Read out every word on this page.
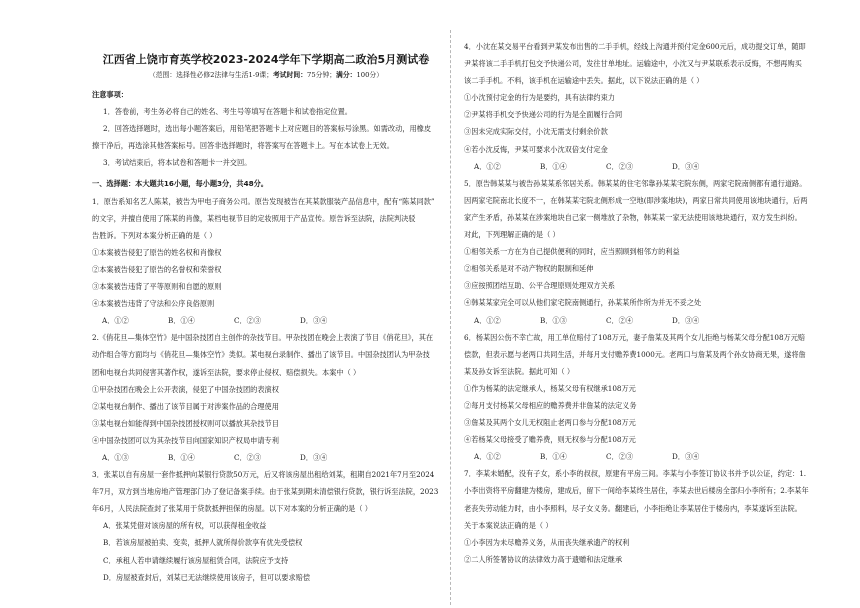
江西省上饶市育英学校2023-2024学年下学期高二政治5月测试卷
（范围：选择性必修2法律与生活1-9课；考试时间：75分钟；满分：100分）

注意事项：

1．答卷前，考生务必将自己的姓名、考生号等填写在答题卡和试卷指定位置。

2．回答选择题时，选出每小题答案后，用铅笔把答题卡上对应题目的答案标号涂黑。如需改动，用橡皮

擦干净后，再选涂其他答案标号。回答非选择题时，将答案写在答题卡上。写在本试卷上无效。

3．考试结束后，将本试卷和答题卡一并交回。

一、选择题：本大题共16小题，每小题3分，共48分。

1．原告系知名艺人陈某，被告为甲电子商务公司。原告发现被告在其某款服装产品信息中，配有“陈某同款”

的文字，并擅自使用了陈某的肖像，某档电视节目的定妆照用于产品宣传。原告诉至法院，法院判决驳

告胜诉。下列对本案分析正确的是（ ）

①本案被告侵犯了原告的姓名权和肖像权

②本案被告侵犯了原告的名誉权和荣誉权

③本案被告违背了平等原则和自愿的原则

④本案被告违背了守法和公序良俗原则

A．①②	B．①④	C．②③	D．③④

2.《俏花旦—集体空竹》是中国杂技团自主创作的杂技节目。甲杂技团在晚会上表演了节目《俏花旦》，其在

动作组合等方面均与《俏花旦—集体空竹》类似。某电视台录制作、播出了该节目。中国杂技团认为甲杂技

团和电视台共同侵害其著作权，遂诉至法院，要求停止侵权、赔偿损失。本案中（ ）

①甲杂技团在晚会上公开表演，侵犯了中国杂技团的表演权

②某电视台制作、播出了该节目属于对涉案作品的合理使用

③某电视台如能得到中国杂技团授权则可以播放其杂技节目

④中国杂技团可以为其杂技节目向国家知识产权局申请专利

A．①③	B．①④	C．②③	D．③④

3．张某以自有房屋一套作抵押向某银行贷款50万元，后又将该房屋出租给刘某，租期自2021年7月至2024

年7月，双方到当地房地产管理部门办了登记备案手续。由于张某到期未清偿银行贷款，银行诉至法院，2023

年6月，人民法院查封了张某用于贷款抵押担保的房屋。以下对本案的分析正确的是（ ）

A．张某凭借对该房屋的所有权，可以获得租金收益

B．若该房屋被拍卖、变卖，抵押人就所得价款享有优先受偿权

C．承租人若申请继续履行该房屋租赁合同，法院应予支持

D．房屋被查封后，刘某已无法继续使用该房子，但可以要求赔偿

4．小沈在某交易平台看到尹某发布出售的二手手机，经线上沟通并预付定金600元后，成功提交订单，随即

尹某将该二手手机打包交予快递公司，发往甘单地址。运输途中，小沈又与尹某联系表示反悔，不想再购买

该二手手机。不料，该手机在运输途中丢失。据此，以下说法正确的是（ ）

①小沈预付定金的行为是要约，具有法律约束力

②尹某将手机交予快递公司的行为是全面履行合同

③因未完成实际交付，小沈无需支付剩余价款

④若小沈反悔，尹某可要求小沈双倍支付定金

A．①②	B．①④	C．②③	D．③④

5．原告韩某某与被告孙某某系邻居关系。韩某某的住宅邻靠孙某某宅院东侧，两家宅院南侧都有通行道路。

因两家宅院南北长度不一，在韩某某宅院北侧形成一空地(即涉案地块)，两家日常共同使用该地块通行，后两

家产生矛盾，孙某某在涉案地块自己家一侧堆放了杂物，韩某某一家无法使用该地块通行，双方发生纠纷。

对此，下列理解正确的是（ ）

①相邻关系一方在为自己提供便利的同时，应当照顾到相邻方的利益

②相邻关系是对不动产物权的限制和延伸

③应按照团结互助、公平合理原则处理双方关系

④韩某某家完全可以从他们家宅院南侧通行，孙某某所作所为并无不妥之处

A．①②	B．①③	C．②④	D．③④

6．杨某因公伤不幸亡故，用工单位赔付了108万元，妻子詹某及其两个女儿拒绝与杨某父母分配108万元赔

偿款，但表示愿与老两口共同生活，并每月支付赡养费1000元。老两口与詹某及两个孙女协商无果，遂将詹

某及孙女诉至法院。据此可知（ ）

①作为杨某的法定继承人，杨某父母有权继承108万元

②每月支付杨某父母相应的赡养费并非詹某的法定义务

③詹某及其两个女儿无权阻止老两口参与分配108万元

④若杨某父母接受了赡养费，则无权参与分配108万元

A．①②	B．①④	C．②③	D．③④

7．李某未婚配，没有子女，系小李的叔叔，原建有平房三间。李某与小李签订协议书并予以公证，约定：1.

小李出资将平房翻建为楼房，建成后，留下一间给李某终生居住，李某去世后楼房全部归小李所有；2.李某年

老丧失劳动能力时，由小李照料，尽子女义务。翻建后，小李拒绝让李某居住于楼房内，李某遂诉至法院。

关于本案说法正确的是（ ）

①小李因为未尽赡养义务，从而丧失继承遗产的权利

②二人所签署协议的法律效力高于遗赠和法定继承
